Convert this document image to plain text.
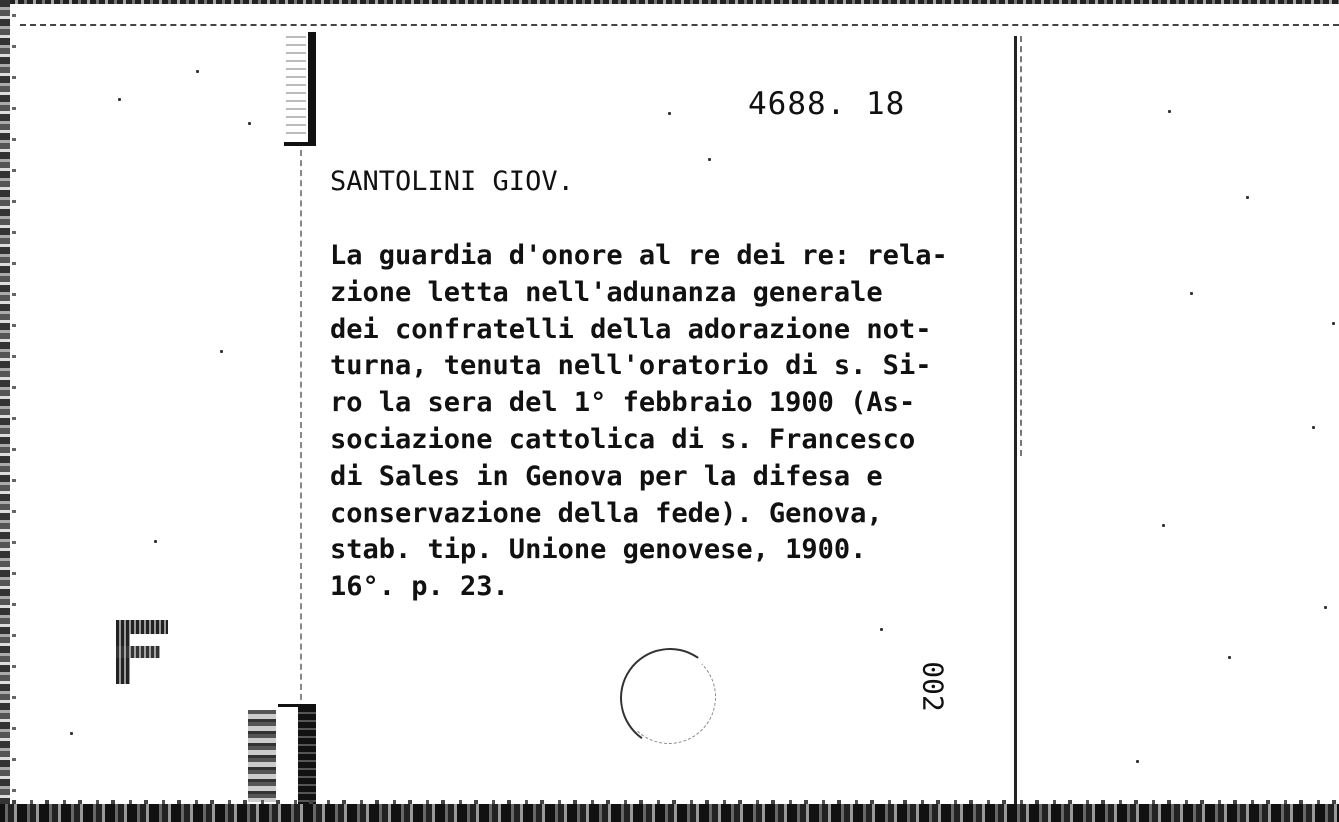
4688. 18
SANTOLINI GIOV.
La guardia d'onore al re dei re: rela-
zione letta nell'adunanza generale
dei confratelli della adorazione not-
turna, tenuta nell'oratorio di s. Si-
ro la sera del 1° febbraio 1900 (As-
sociazione cattolica di s. Francesco
di Sales in Genova per la difesa e
conservazione della fede). Genova,
stab. tip. Unione genovese, 1900.
16°. p. 23.
002
